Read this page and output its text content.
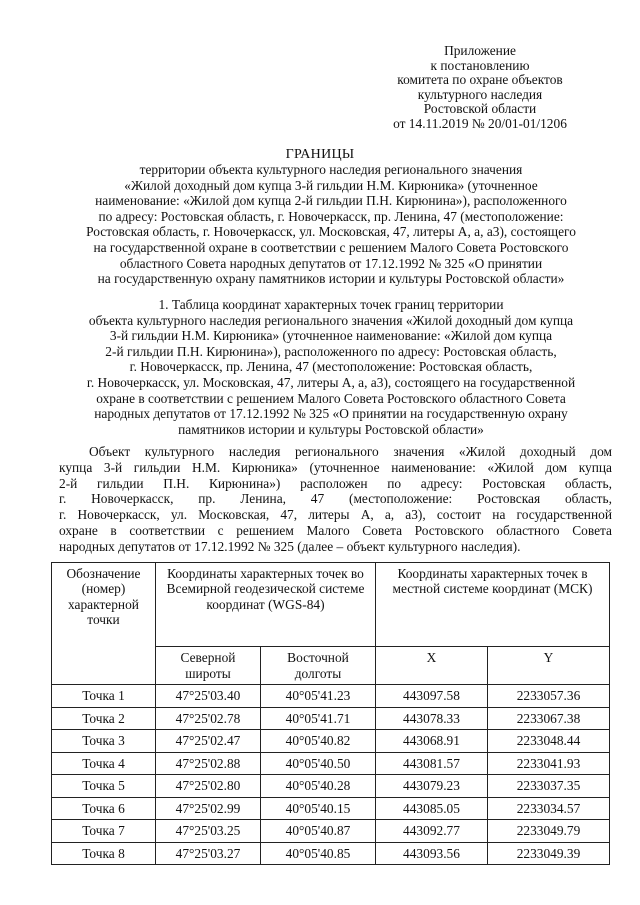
Приложение
к постановлению
комитета по охране объектов
культурного наследия
Ростовской области
от 14.11.2019 № 20/01-01/1206
ГРАНИЦЫ
территории объекта культурного наследия регионального значения
«Жилой доходный дом купца 3-й гильдии Н.М. Кирюника» (уточненное
наименование: «Жилой дом купца 2-й гильдии П.Н. Кирюнина»), расположенного
по адресу: Ростовская область, г. Новочеркасск, пр. Ленина, 47 (местоположение:
Ростовская область, г. Новочеркасск, ул. Московская, 47, литеры А, а, а3), состоящего
на государственной охране в соответствии с решением Малого Совета Ростовского
областного Совета народных депутатов от 17.12.1992 № 325 «О принятии
на государственную охрану памятников истории и культуры Ростовской области»
1. Таблица координат характерных точек границ территории
объекта культурного наследия регионального значения «Жилой доходный дом купца
3-й гильдии Н.М. Кирюника» (уточненное наименование: «Жилой дом купца
2-й гильдии П.Н. Кирюнина»), расположенного по адресу: Ростовская область,
г. Новочеркасск, пр. Ленина, 47 (местоположение: Ростовская область,
г. Новочеркасск, ул. Московская, 47, литеры А, а, а3), состоящего на государственной
охране в соответствии с решением Малого Совета Ростовского областного Совета
народных депутатов от 17.12.1992 № 325 «О принятии на государственную охрану
памятников истории и культуры Ростовской области»
Объект культурного наследия регионального значения «Жилой доходный дом
купца 3-й гильдии Н.М. Кирюника» (уточненное наименование: «Жилой дом купца
2-й гильдии П.Н. Кирюнина») расположен по адресу: Ростовская область,
г. Новочеркасск, пр. Ленина, 47 (местоположение: Ростовская область,
г. Новочеркасск, ул. Московская, 47, литеры А, а, а3), состоит на государственной
охране в соответствии с решением Малого Совета Ростовского областного Совета
народных депутатов от 17.12.1992 № 325 (далее – объект культурного наследия).
Обозначение (номер) характерной точки	Координаты характерных точек во Всемирной геодезической системе координат (WGS-84)		Координаты характерных точек в местной системе координат (МСК)	
	Северной широты	Восточной долготы	X	Y
Точка 1	47°25'03.40	40°05'41.23	443097.58	2233057.36
Точка 2	47°25'02.78	40°05'41.71	443078.33	2233067.38
Точка 3	47°25'02.47	40°05'40.82	443068.91	2233048.44
Точка 4	47°25'02.88	40°05'40.50	443081.57	2233041.93
Точка 5	47°25'02.80	40°05'40.28	443079.23	2233037.35
Точка 6	47°25'02.99	40°05'40.15	443085.05	2233034.57
Точка 7	47°25'03.25	40°05'40.87	443092.77	2233049.79
Точка 8	47°25'03.27	40°05'40.85	443093.56	2233049.39
